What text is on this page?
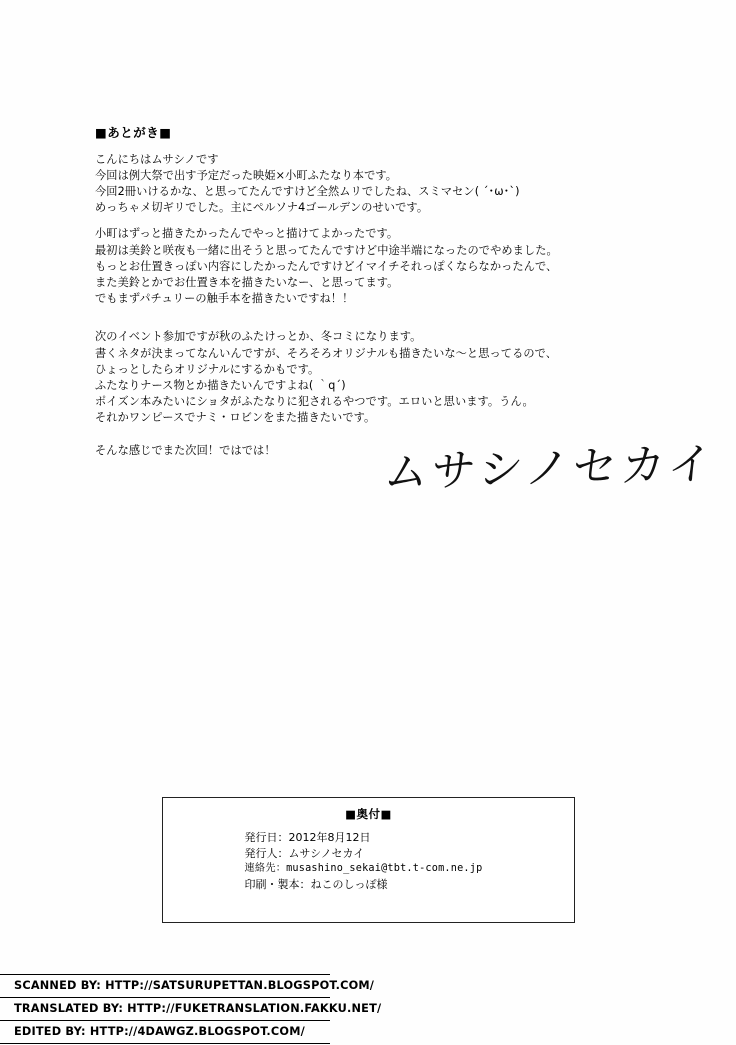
■あとがき■

こんにちはムサシノです

今回は例大祭で出す予定だった映姫×小町ふたなり本です。

今回2冊いけるかな、と思ってたんですけど全然ムリでしたね、スミマセン( ´･ω･`)

めっちゃメ切ギリでした。主にペルソナ4ゴールデンのせいです。

小町はずっと描きたかったんでやっと描けてよかったです。

最初は美鈴と咲夜も一緒に出そうと思ってたんですけど中途半端になったのでやめました。

もっとお仕置きっぽい内容にしたかったんですけどイマイチそれっぽくならなかったんで、

また美鈴とかでお仕置き本を描きたいなー、と思ってます。

でもまずパチュリーの触手本を描きたいですね！！

次のイベント参加ですが秋のふたけっとか、冬コミになります。

書くネタが決まってなんいんですが、そろそろオリジナルも描きたいな～と思ってるので、

ひょっとしたらオリジナルにするかもです。

ふたなりナース物とか描きたいんですよね( ｀q´)

ポイズン本みたいにショタがふたなりに犯されるやつです。エロいと思います。うん。

それかワンピースでナミ・ロビンをまた描きたいです。

そんな感じでまた次回！ではでは！	ムサシノセカイ
■奥付■
発行日：2012年8月12日
発行人：ムサシノセカイ
連絡先：musashino_sekai@tbt.t-com.ne.jp
印刷・製本：ねこのしっぽ様
SCANNED BY: HTTP://SATSURUPETTAN.BLOGSPOT.COM/
TRANSLATED BY: HTTP://FUKETRANSLATION.FAKKU.NET/
EDITED BY: HTTP://4DAWGZ.BLOGSPOT.COM/
